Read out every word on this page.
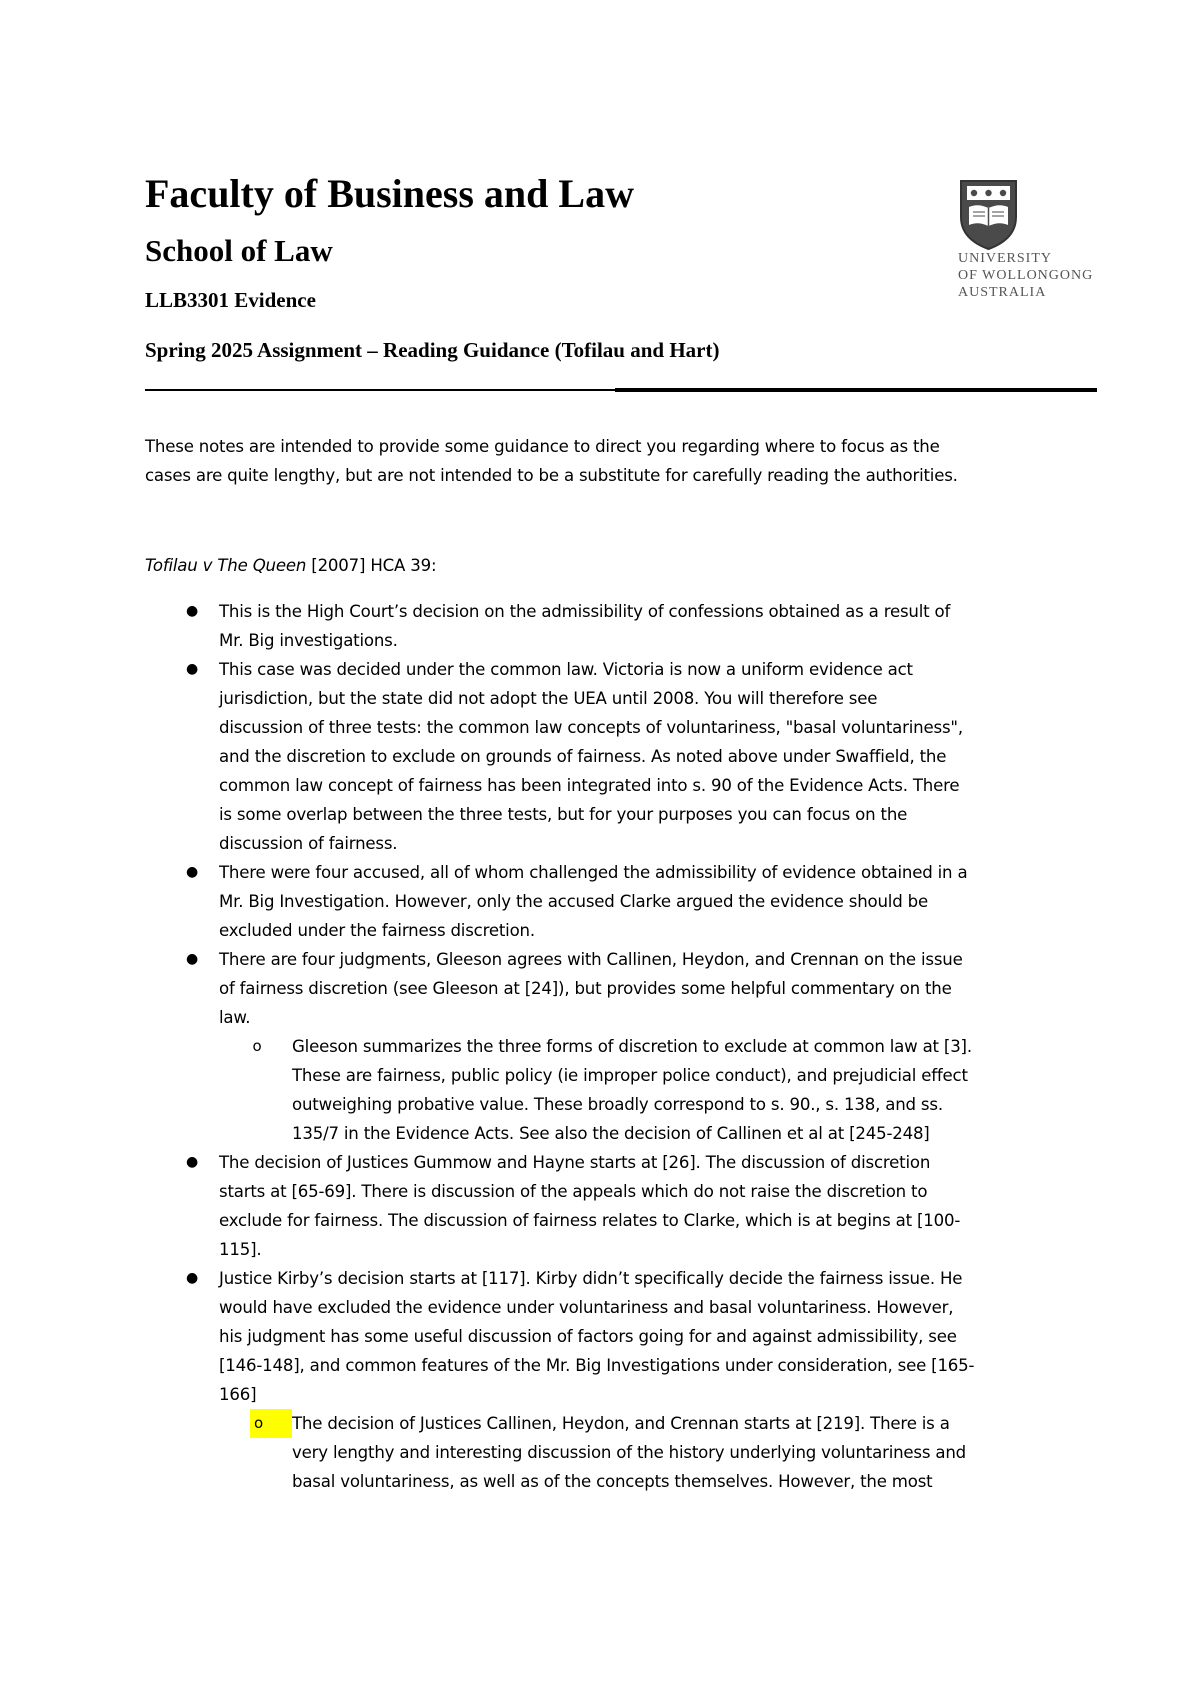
Faculty of Business and Law
School of Law
LLB3301 Evidence
Spring 2025 Assignment – Reading Guidance (Tofilau and Hart)
UNIVERSITY
OF WOLLONGONG
AUSTRALIA
These notes are intended to provide some guidance to direct you regarding where to focus as the
cases are quite lengthy, but are not intended to be a substitute for carefully reading the authorities.
Tofilau v The Queen [2007] HCA 39:
● This is the High Court’s decision on the admissibility of confessions obtained as a result of
Mr. Big investigations.
● This case was decided under the common law. Victoria is now a uniform evidence act
jurisdiction, but the state did not adopt the UEA until 2008. You will therefore see
discussion of three tests: the common law concepts of voluntariness, "basal voluntariness",
and the discretion to exclude on grounds of fairness. As noted above under Swaffield, the
common law concept of fairness has been integrated into s. 90 of the Evidence Acts. There
is some overlap between the three tests, but for your purposes you can focus on the
discussion of fairness.
● There were four accused, all of whom challenged the admissibility of evidence obtained in a
Mr. Big Investigation. However, only the accused Clarke argued the evidence should be
excluded under the fairness discretion.
● There are four judgments, Gleeson agrees with Callinen, Heydon, and Crennan on the issue
of fairness discretion (see Gleeson at [24]), but provides some helpful commentary on the
law.
o	Gleeson summarizes the three forms of discretion to exclude at common law at [3].
These are fairness, public policy (ie improper police conduct), and prejudicial effect
outweighing probative value. These broadly correspond to s. 90., s. 138, and ss.
135/7 in the Evidence Acts. See also the decision of Callinen et al at [245-248]
● The decision of Justices Gummow and Hayne starts at [26]. The discussion of discretion
starts at [65-69]. There is discussion of the appeals which do not raise the discretion to
exclude for fairness. The discussion of fairness relates to Clarke, which is at begins at [100-
115].
● Justice Kirby’s decision starts at [117]. Kirby didn’t specifically decide the fairness issue. He
would have excluded the evidence under voluntariness and basal voluntariness. However,
his judgment has some useful discussion of factors going for and against admissibility, see
[146-148], and common features of the Mr. Big Investigations under consideration, see [165-
166]
o	The decision of Justices Callinen, Heydon, and Crennan starts at [219]. There is a
very lengthy and interesting discussion of the history underlying voluntariness and
basal voluntariness, as well as of the concepts themselves. However, the most
